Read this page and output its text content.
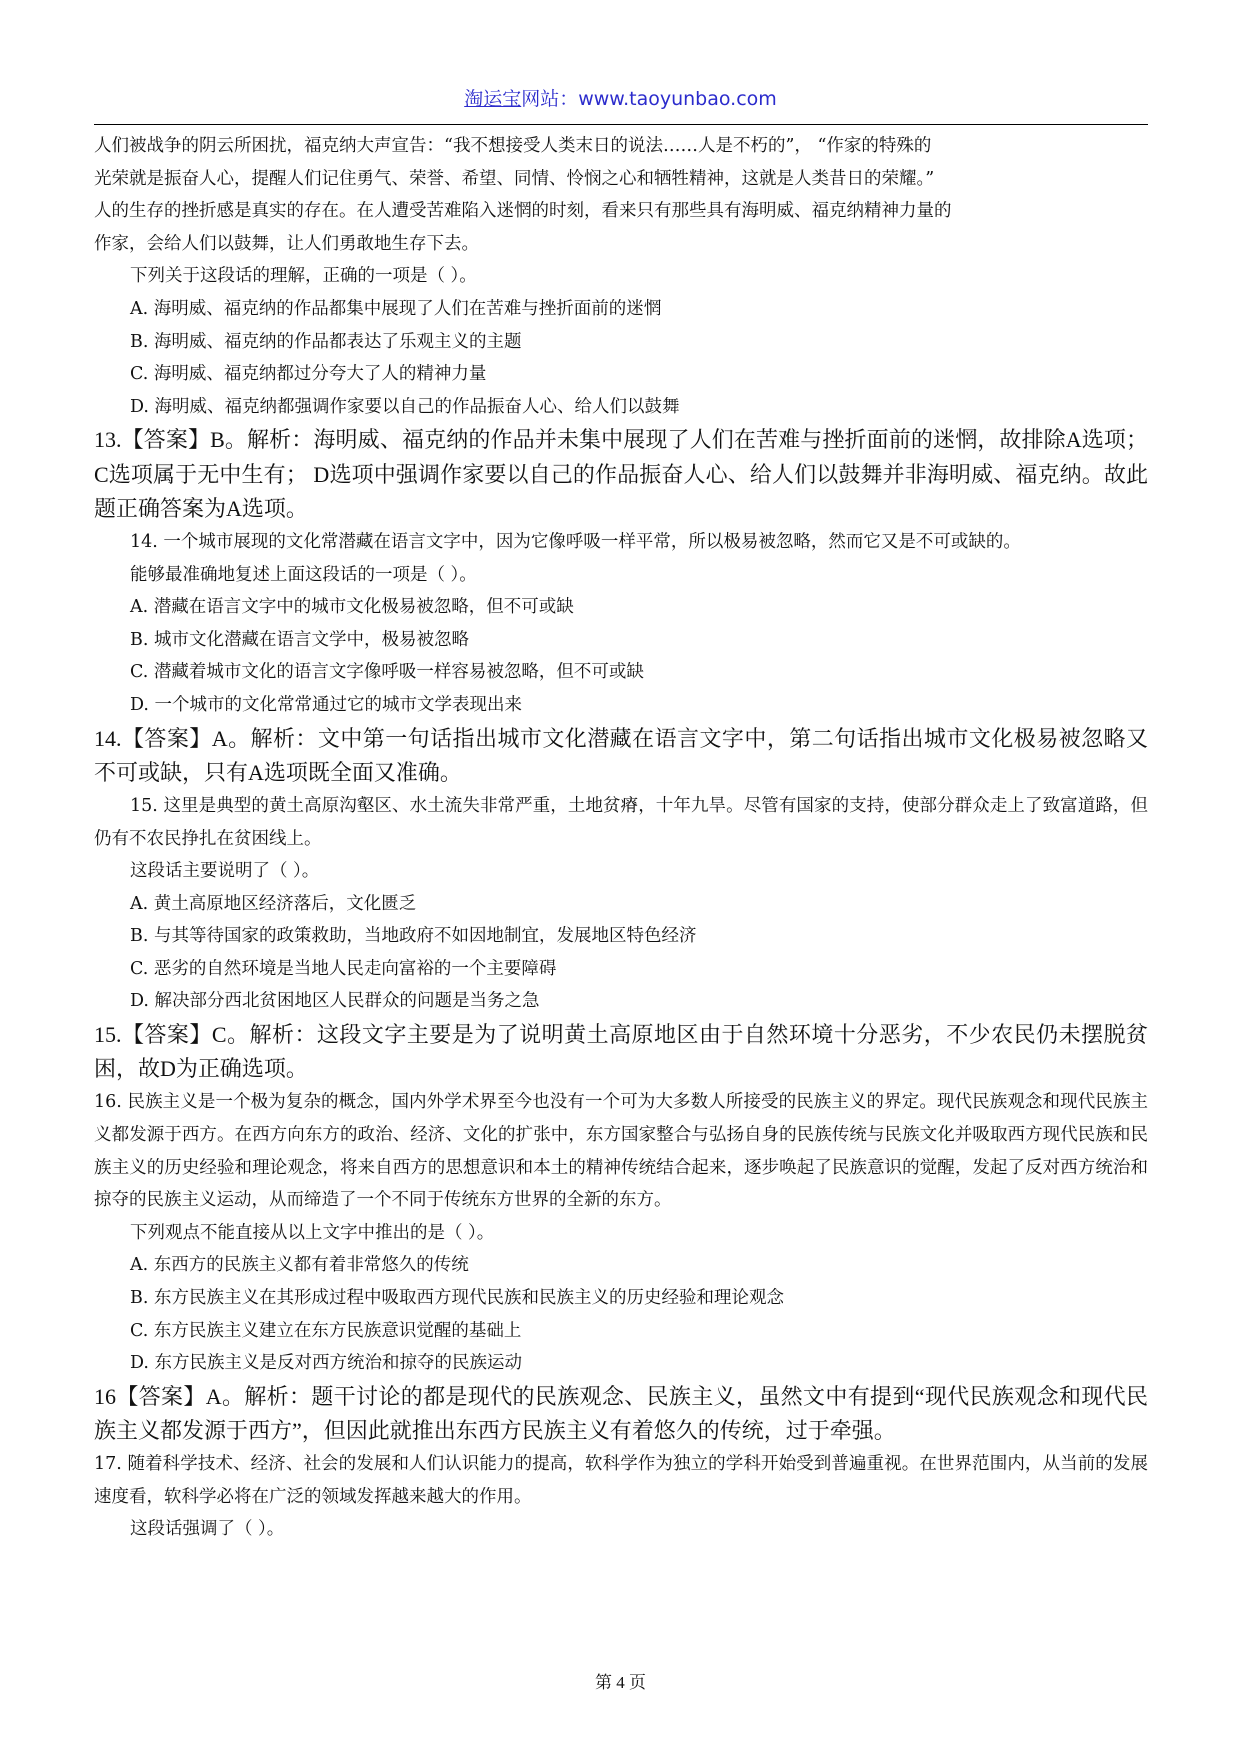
淘运宝网站：www.taoyunbao.com

人们被战争的阴云所困扰，福克纳大声宣告：“我不想接受人类末日的说法……人是不朽的”， “作家的特殊的

光荣就是振奋人心，提醒人们记住勇气、荣誉、希望、同情、怜悯之心和牺牲精神，这就是人类昔日的荣耀。”

人的生存的挫折感是真实的存在。在人遭受苦难陷入迷惘的时刻，看来只有那些具有海明威、福克纳精神力量的

作家，会给人们以鼓舞，让人们勇敢地生存下去。

下列关于这段话的理解，正确的一项是（ ）。

A. 海明威、福克纳的作品都集中展现了人们在苦难与挫折面前的迷惘

B. 海明威、福克纳的作品都表达了乐观主义的主题

C. 海明威、福克纳都过分夸大了人的精神力量

D. 海明威、福克纳都强调作家要以自己的作品振奋人心、给人们以鼓舞

13.【答案】B。解析：海明威、福克纳的作品并未集中展现了人们在苦难与挫折面前的迷惘，故排除A选项；C选项属于无中生有； D选项中强调作家要以自己的作品振奋人心、给人们以鼓舞并非海明威、福克纳。故此题正确答案为A选项。

14. 一个城市展现的文化常潜藏在语言文字中，因为它像呼吸一样平常，所以极易被忽略，然而它又是不可或缺的。

能够最准确地复述上面这段话的一项是（ ）。

A. 潜藏在语言文字中的城市文化极易被忽略，但不可或缺

B. 城市文化潜藏在语言文学中，极易被忽略

C. 潜藏着城市文化的语言文字像呼吸一样容易被忽略，但不可或缺

D. 一个城市的文化常常通过它的城市文学表现出来

14.【答案】A。解析：文中第一句话指出城市文化潜藏在语言文字中，第二句话指出城市文化极易被忽略又不可或缺，只有A选项既全面又准确。

15. 这里是典型的黄土高原沟壑区、水土流失非常严重，土地贫瘠，十年九旱。尽管有国家的支持，使部分群众走上了致富道路，但仍有不农民挣扎在贫困线上。

这段话主要说明了（ ）。

A. 黄土高原地区经济落后，文化匮乏

B. 与其等待国家的政策救助，当地政府不如因地制宜，发展地区特色经济

C. 恶劣的自然环境是当地人民走向富裕的一个主要障碍

D. 解决部分西北贫困地区人民群众的问题是当务之急

15.【答案】C。解析：这段文字主要是为了说明黄土高原地区由于自然环境十分恶劣，不少农民仍未摆脱贫困，故D为正确选项。

16. 民族主义是一个极为复杂的概念，国内外学术界至今也没有一个可为大多数人所接受的民族主义的界定。现代民族观念和现代民族主义都发源于西方。在西方向东方的政治、经济、文化的扩张中，东方国家整合与弘扬自身的民族传统与民族文化并吸取西方现代民族和民族主义的历史经验和理论观念，将来自西方的思想意识和本土的精神传统结合起来，逐步唤起了民族意识的觉醒，发起了反对西方统治和掠夺的民族主义运动，从而缔造了一个不同于传统东方世界的全新的东方。

下列观点不能直接从以上文字中推出的是（ ）。

A. 东西方的民族主义都有着非常悠久的传统

B. 东方民族主义在其形成过程中吸取西方现代民族和民族主义的历史经验和理论观念

C. 东方民族主义建立在东方民族意识觉醒的基础上

D. 东方民族主义是反对西方统治和掠夺的民族运动

16【答案】A。解析：题干讨论的都是现代的民族观念、民族主义，虽然文中有提到“现代民族观念和现代民族主义都发源于西方”，但因此就推出东西方民族主义有着悠久的传统，过于牵强。

17. 随着科学技术、经济、社会的发展和人们认识能力的提高，软科学作为独立的学科开始受到普遍重视。在世界范围内，从当前的发展速度看，软科学必将在广泛的领域发挥越来越大的作用。

这段话强调了（ ）。

第 4 页
